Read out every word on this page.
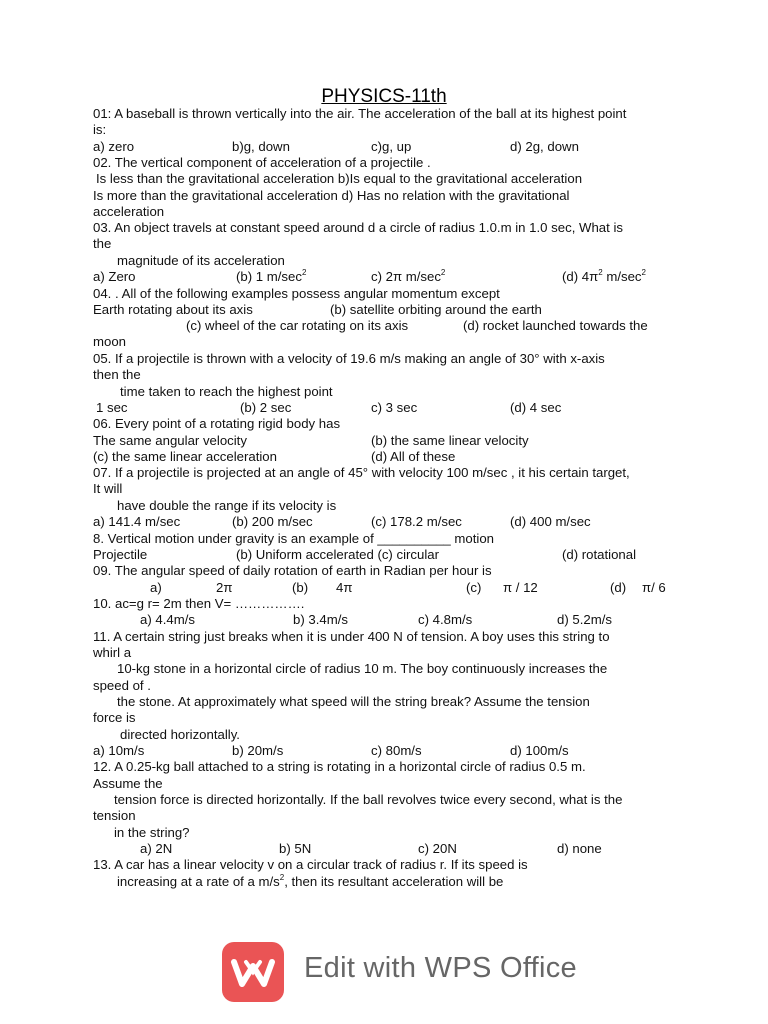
PHYSICS-11th
01: A baseball is thrown vertically into the air. The acceleration of the ball at its highest point
is:
a) zero	b)g, down	c)g, up	d) 2g, down
02. The vertical component of acceleration of a projectile .
Is less than the gravitational acceleration b)Is equal to the gravitational acceleration
Is more than the gravitational acceleration d) Has no relation with the gravitational
acceleration
03. An object travels at constant speed around d a circle of radius 1.0.m in 1.0 sec, What is
the
magnitude of its acceleration
a) Zero	(b) 1 $m/\sec^2$	c) 2π $m/\sec^2$	(d) $4\pi^2$ $m/\sec^2$
04. . All of the following examples possess angular momentum except
Earth rotating about its axis	(b) satellite orbiting around the earth
(c) wheel of the car rotating on its axis	(d) rocket launched towards the
moon
05. If a projectile is thrown with a velocity of 19.6 m/s making an angle of 30° with x-axis
then the
time taken to reach the highest point
1 sec	(b) 2 sec	c) 3 sec	(d) 4 sec
06. Every point of a rotating rigid body has
The same angular velocity	(b) the same linear velocity
(c) the same linear acceleration	(d) All of these
07. If a projectile is projected at an angle of 45° with velocity 100 m/sec , it his certain target,
It will
have double the range if its velocity is
a) 141.4 m/sec	(b) 200 m/sec	(c) 178.2 m/sec	(d) 400 m/sec
8. Vertical motion under gravity is an example of __________ motion
Projectile	(b) Uniform accelerated (c) circular	(d) rotational
09. The angular speed of daily rotation of earth in Radian per hour is
a)	2π	(b) 4π	(c) π / 12	(d) π/ 6
10. ac=g r= 2m then V= …………….
a) 4.4m/s	b) 3.4m/s	c) 4.8m/s	d) 5.2m/s
11. A certain string just breaks when it is under 400 N of tension. A boy uses this string to
whirl a
10-kg stone in a horizontal circle of radius 10 m. The boy continuously increases the
speed of .
the stone. At approximately what speed will the string break? Assume the tension
force is
directed horizontally.
a) 10m/s	b) 20m/s	c) 80m/s	d) 100m/s
12. A 0.25-kg ball attached to a string is rotating in a horizontal circle of radius 0.5 m.
Assume the
tension force is directed horizontally. If the ball revolves twice every second, what is the
tension
in the string?
a) 2N	b) 5N	c) 20N	d) none
13. A car has a linear velocity v on a circular track of radius r. If its speed is
increasing at a rate of a $m/s^2$, then its resultant acceleration will be
Edit with WPS Office
